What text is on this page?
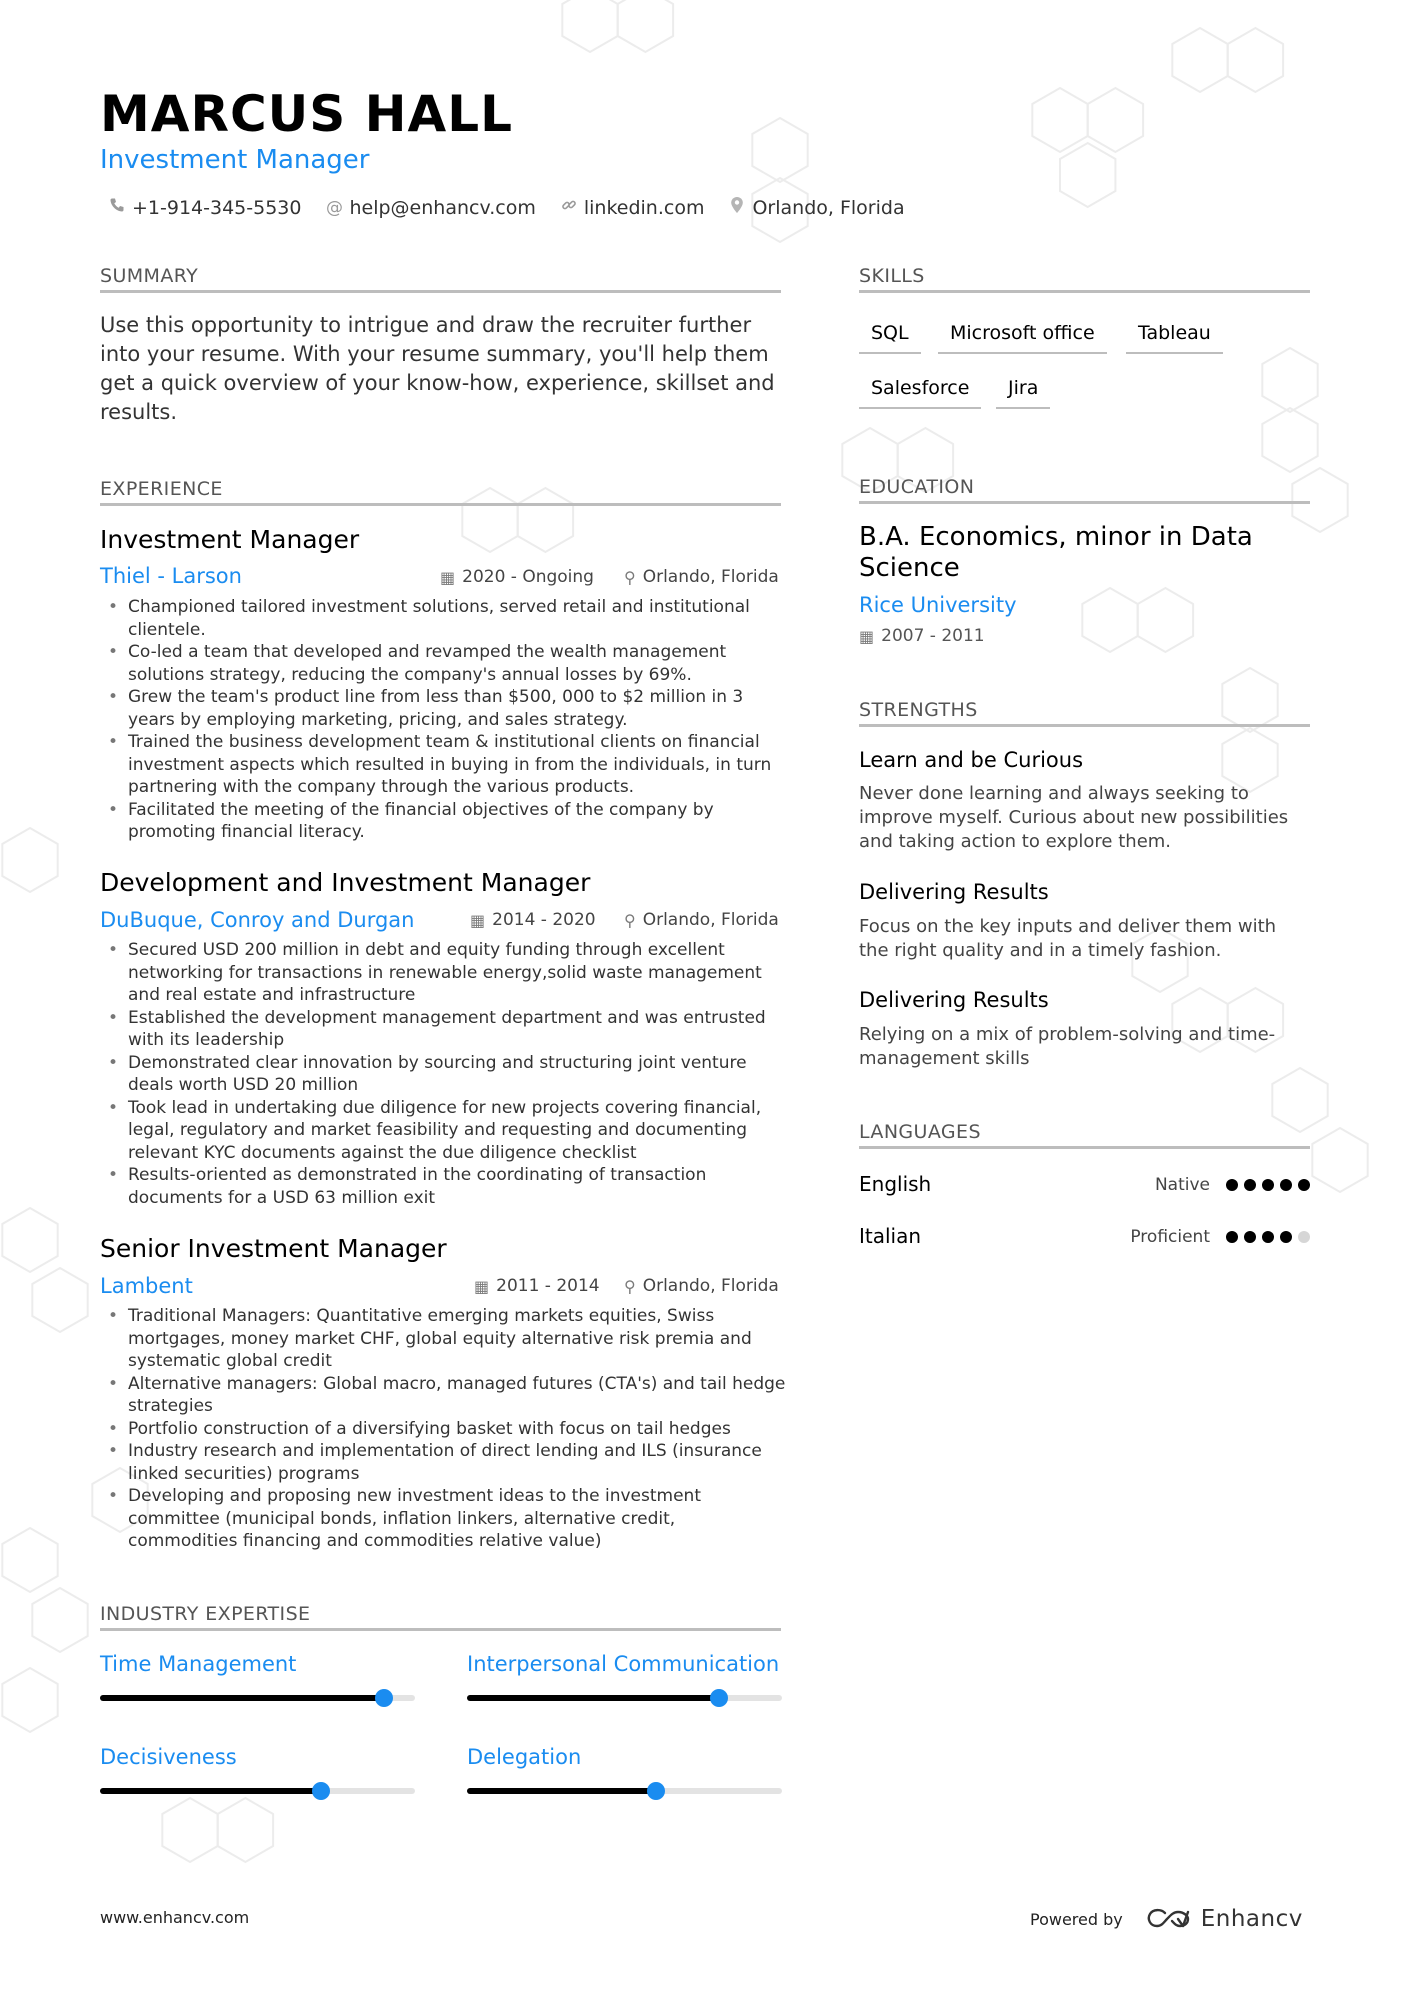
MARCUS HALL
Investment Manager
+1-914-345-5530 @ help@enhancv.com	linkedin.com	Orlando, Florida
SUMMARY
Use this opportunity to intrigue and draw the recruiter further into your resume. With your resume summary, you'll help them get a quick overview of your know-how, experience, skillset and results.
EXPERIENCE
Investment Manager
Thiel - Larson	▦ 2020 - Ongoing ⚲ Orlando, Florida
• Championed tailored investment solutions, served retail and institutional clientele.
• Co-led a team that developed and revamped the wealth management solutions strategy, reducing the company's annual losses by 69%.
• Grew the team's product line from less than $500, 000 to $2 million in 3 years by employing marketing, pricing, and sales strategy.
• Trained the business development team & institutional clients on financial investment aspects which resulted in buying in from the individuals, in turn partnering with the company through the various products.
• Facilitated the meeting of the financial objectives of the company by promoting financial literacy.
Development and Investment Manager
DuBuque, Conroy and Durgan	▦ 2014 - 2020 ⚲ Orlando, Florida
• Secured USD 200 million in debt and equity funding through excellent networking for transactions in renewable energy,solid waste management and real estate and infrastructure
• Established the development management department and was entrusted with its leadership
• Demonstrated clear innovation by sourcing and structuring joint venture deals worth USD 20 million
• Took lead in undertaking due diligence for new projects covering financial, legal, regulatory and market feasibility and requesting and documenting relevant KYC documents against the due diligence checklist
• Results-oriented as demonstrated in the coordinating of transaction documents for a USD 63 million exit
Senior Investment Manager
Lambent	▦ 2011 - 2014 ⚲ Orlando, Florida
• Traditional Managers: Quantitative emerging markets equities, Swiss mortgages, money market CHF, global equity alternative risk premia and systematic global credit
• Alternative managers: Global macro, managed futures (CTA's) and tail hedge strategies
• Portfolio construction of a diversifying basket with focus on tail hedges
• Industry research and implementation of direct lending and ILS (insurance linked securities) programs
• Developing and proposing new investment ideas to the investment committee (municipal bonds, inflation linkers, alternative credit, commodities financing and commodities relative value)
INDUSTRY EXPERTISE
Time Management	Interpersonal Communication
Decisiveness	Delegation
SKILLS
SQL	Microsoft office	Tableau
Salesforce	Jira
EDUCATION
B.A. Economics, minor in Data Science
Rice University
▦ 2007 - 2011
STRENGTHS
Learn and be Curious
Never done learning and always seeking to improve myself. Curious about new possibilities and taking action to explore them.
Delivering Results
Focus on the key inputs and deliver them with the right quality and in a timely fashion.
Delivering Results
Relying on a mix of problem-solving and time-management skills
LANGUAGES
English	Native
Italian	Proficient
www.enhancv.com	Powered by	Enhancv
